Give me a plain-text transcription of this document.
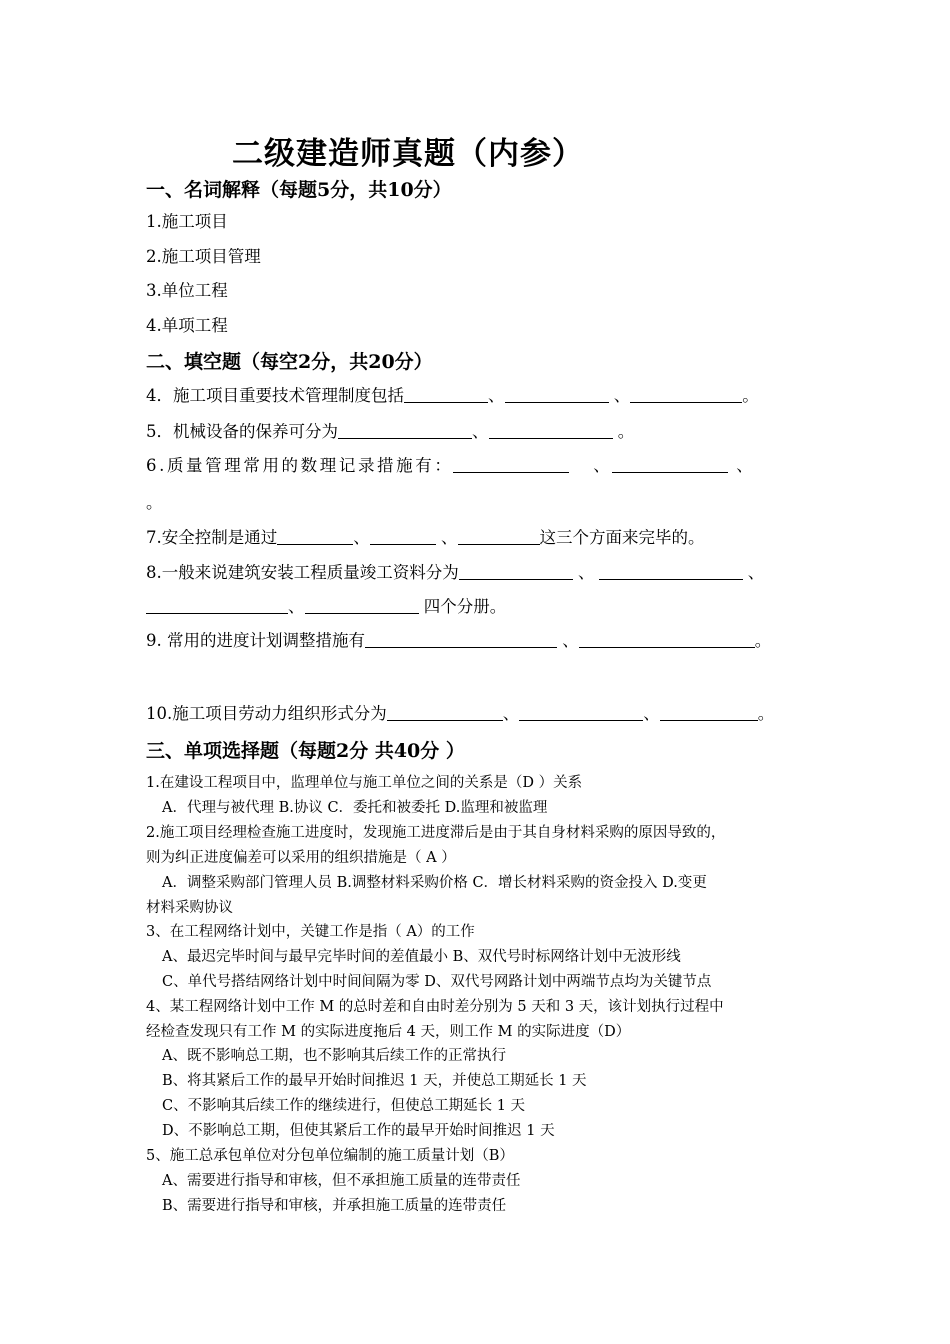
二级建造师真题（内参）
一、名词解释（每题5分，共10分）
1.施工项目
2.施工项目管理
3.单位工程
4.单项工程
二、填空题（每空2分，共20分）
4．施工项目重要技术管理制度包括	、	、	。
5．机械设备的保养可分为	、	。
6.质量管理常用的数理记录措施有：	、	、
。
7.安全控制是通过	、	、	这三个方面来完毕的。
8.一般来说建筑安装工程质量竣工资料分为	、	、
、	四个分册。
9. 常用的进度计划调整措施有	、	。
10.施工项目劳动力组织形式分为	、	、	。
三、单项选择题（每题2分 共40分 ）
1.在建设工程项目中，监理单位与施工单位之间的关系是（D ）关系
A．代理与被代理 B.协议 C．委托和被委托 D.监理和被监理
2.施工项目经理检查施工进度时，发现施工进度滞后是由于其自身材料采购的原因导致的，
则为纠正进度偏差可以采用的组织措施是（ A ）
A．调整采购部门管理人员 B.调整材料采购价格 C．增长材料采购的资金投入 D.变更
材料采购协议
3、在工程网络计划中，关键工作是指（ A）的工作
A、最迟完毕时间与最早完毕时间的差值最小 B、双代号时标网络计划中无波形线
C、单代号搭结网络计划中时间间隔为零 D、双代号网路计划中两端节点均为关键节点
4、某工程网络计划中工作 M 的总时差和自由时差分别为 5 天和 3 天，该计划执行过程中
经检查发现只有工作 M 的实际进度拖后 4 天，则工作 M 的实际进度（D）
A、既不影响总工期，也不影响其后续工作的正常执行
B、将其紧后工作的最早开始时间推迟 1 天，并使总工期延长 1 天
C、不影响其后续工作的继续进行，但使总工期延长 1 天
D、不影响总工期，但使其紧后工作的最早开始时间推迟 1 天
5、施工总承包单位对分包单位编制的施工质量计划（B）
A、需要进行指导和审核，但不承担施工质量的连带责任
B、需要进行指导和审核，并承担施工质量的连带责任
